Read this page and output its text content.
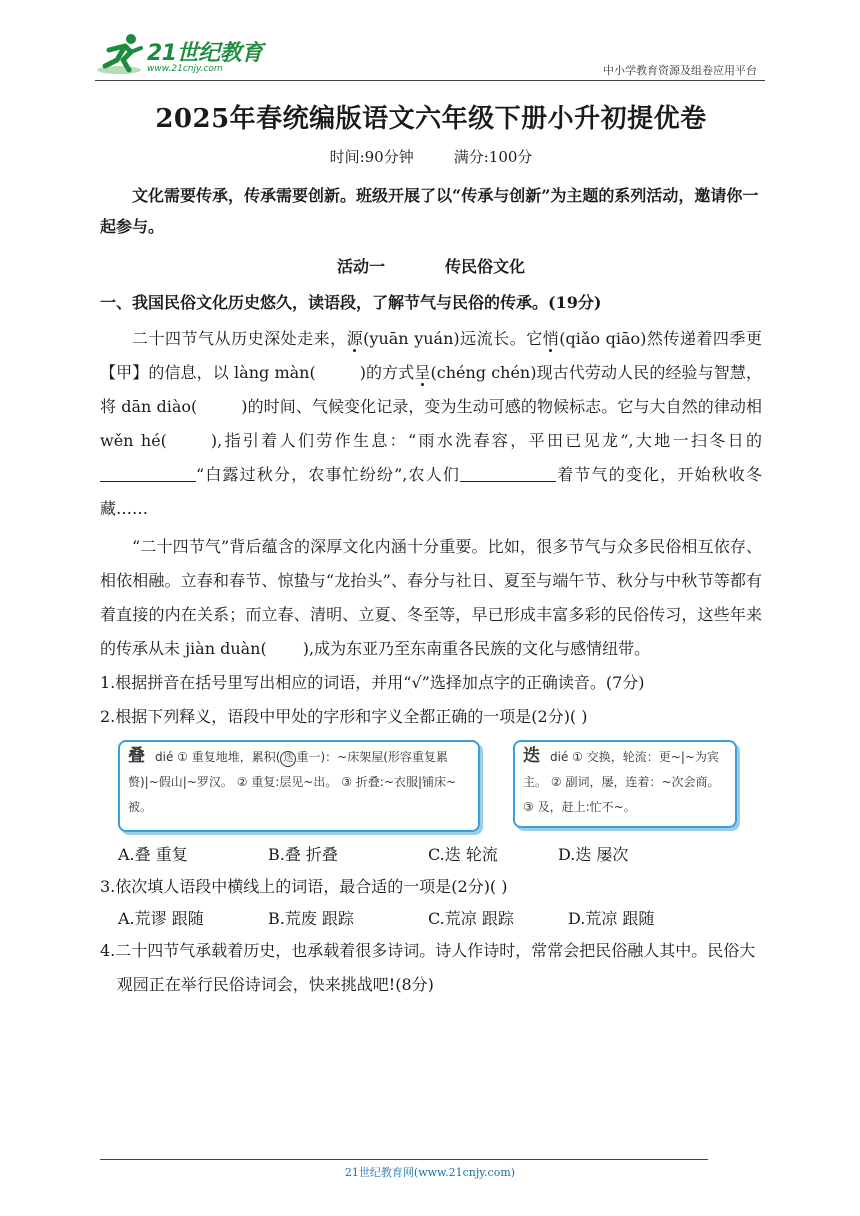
21世纪教育
www.21cnjy.com	中小学教育资源及组卷应用平台
2025年春统编版语文六年级下册小升初提优卷
时间:90分钟	满分:100分
文化需要传承，传承需要创新。班级开展了以“传承与创新”为主题的系列活动，邀请你一起参与。
活动一	传民俗文化
一、我国民俗文化历史悠久，读语段，了解节气与民俗的传承。(19分)

二十四节气从历史深处走来，源(yuān yuán)远流长。它悄(qiǎo qiāo)然传递着四季更【甲】的信息，以 làng màn(	)的方式呈(chéng chén)现古代劳动人民的经验与智慧，将 dān diào(	)的时间、气候变化记录，变为生动可感的物候标志。它与大自然的律动相 wěn hé(	),指引着人们劳作生息：“雨水洗春容，平田已见龙”,大地一扫冬日的“白露过秋分，农事忙纷纷”,农人们	着节气的变化，开始秋收冬藏……

“二十四节气”背后蕴含的深厚文化内涵十分重要。比如，很多节气与众多民俗相互依存、相依相融。立春和春节、惊蛰与“龙抬头”、春分与社日、夏至与端午节、秋分与中秋节等都有着直接的内在关系；而立春、清明、立夏、冬至等，早已形成丰富多彩的民俗传习，这些年来的传承从未 jiàn duàn( ),成为东亚乃至东南重各民族的文化与感情纽带。

1.根据拼音在括号里写出相应的词语，并用“√”选择加点字的正确读音。(7分)

2.根据下列释义，语段中甲处的字形和字义全都正确的一项是(2分)( )

叠 dié ① 重复地堆，累积( 迭 重一)：~床架屋(形容重复累赘)|~假山|~罗汉。 ② 重复:层见~出。 ③ 折叠:~衣服|铺床~被。
迭 dié ① 交换，轮流：更~|~为宾主。 ② 副词，屡，连着：~次会商。 ③ 及，赶上:忙不~。
A.叠 重复	B.叠 折叠	C.迭 轮流	D.迭 屡次

3.依次填人语段中横线上的词语，最合适的一项是(2分)( )

A.荒谬 跟随	B.荒废 跟踪	C.荒凉 跟踪	D.荒凉 跟随

4.二十四节气承载着历史，也承载着很多诗词。诗人作诗时，常常会把民俗融人其中。民俗大观园正在举行民俗诗词会，快来挑战吧!(8分)

21世纪教育网(www.21cnjy.com)
